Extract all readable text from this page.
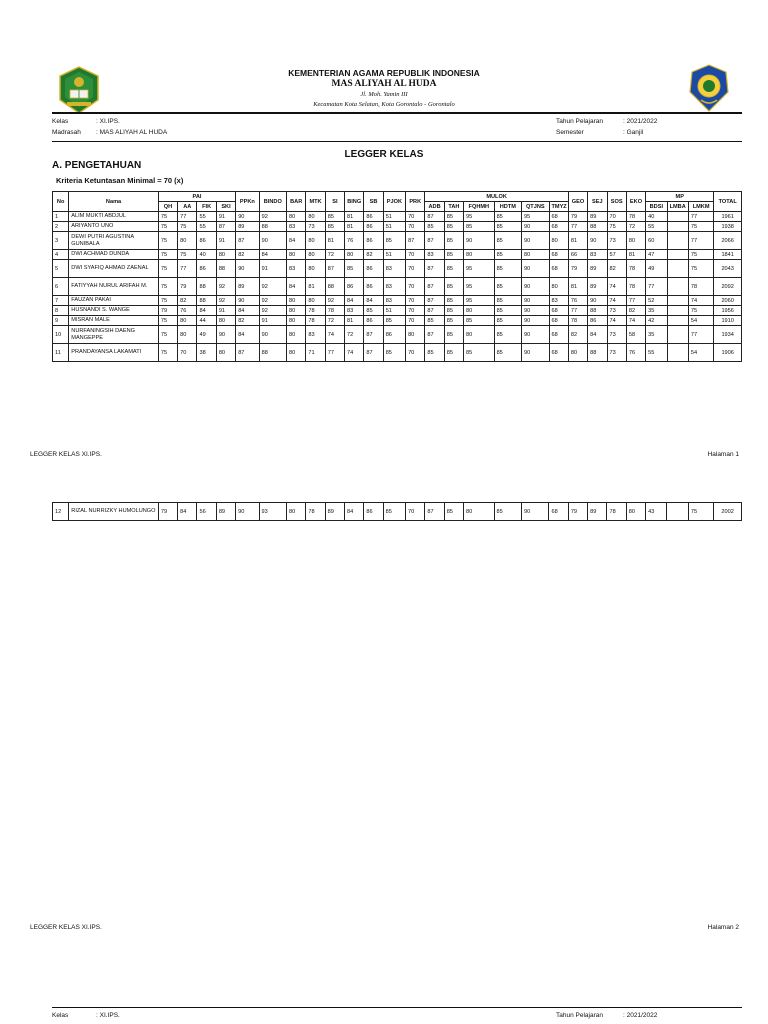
KEMENTERIAN AGAMA REPUBLIK INDONESIA
MAS ALIYAH AL HUDA
Jl. Moh. Yamin III
Kecamatan Kota Selatan, Kota Gorontalo - Gorontalo
Kelas	: XI.IPS.
Madrasah : MAS ALIYAH AL HUDA
Tahun Pelajaran	: 2021/2022
Semester	: Ganjil
LEGGER KELAS
A. PENGETAHUAN
Kriteria Ketuntasan Minimal = 70 (x)
No	Nama	PAI				PPKn	BINDO	BAR	MTK	SI	BING	SB	PJOK	PRK	MULOK						GEO	SEJ	SOS	EKO	MP			TOTAL
		QH	AA	FIK	SKI										ADB	TAH	FQHMH	HDTM	QTJNS	TMYZ					BDSI	LMBA	LMKM	
1	ALIM MUKTI ABDJUL	75	77	55	91	90	92	80	80	85	81	86	51	70	87	85	95	85	95	68	79	89	70	78	40		77	1961
2	ARIYANTO UNO	75	75	55	87	89	88	83	73	85	81	86	51	70	85	85	85	85	90	68	77	88	75	72	55		75	1938
3	DEWI PUTRI AGUSTINA GUNIBALA	75	80	86	91	87	90	84	80	81	76	86	85	87	87	85	90	85	90	80	81	90	73	80	60		77	2066
4	DWI ACHMAD DUNDA	75	75	40	80	82	84	80	80	72	80	82	51	70	83	85	80	85	80	68	66	83	57	81	47		75	1841
5	DWI SYAFIQ AHMAD ZAENAL	75	77	86	88	90	91	83	80	87	85	86	83	70	87	85	95	85	90	68	79	89	82	78	49		75	2043
6	FATIYYAH NURUL ARIFAH M.	75	79	88	92	89	92	84	81	88	86	86	83	70	87	85	95	85	90	80	81	89	74	78	77		78	2092
7	FAUZAN PAKAI	75	82	88	92	90	92	80	80	92	84	84	83	70	87	85	95	85	90	83	76	90	74	77	52		74	2060
8	HUSNANDI S. WANGE	79	76	84	91	84	92	80	78	78	83	85	51	70	87	85	80	85	90	68	77	88	73	82	35		75	1956
9	MISRAN MALE	75	80	44	80	82	91	80	78	72	81	86	85	70	85	85	85	85	90	68	78	86	74	74	42		54	1910
10	NURFANINGSIH DAENG MANGEPPE	75	80	49	90	84	90	80	83	74	72	87	86	80	87	85	80	85	90	68	82	84	73	58	35		77	1934
11	PRANDAYANSA LAKAMATI	75	70	38	80	87	88	80	71	77	74	87	85	70	85	85	85	85	90	68	80	88	73	76	55		54	1906
LEGGER KELAS XI.IPS.	Halaman 1
12	RIZAL NURRIZKY HUMOLUNGO	79	84	56	89	90	93	80	78	89	84	86	85	70	87	85	80	85	90	68	79	89	78	80	43		75	2002
LEGGER KELAS XI.IPS.	Halaman 2
Kelas	: XI.IPS.	Tahun Pelajaran	: 2021/2022
